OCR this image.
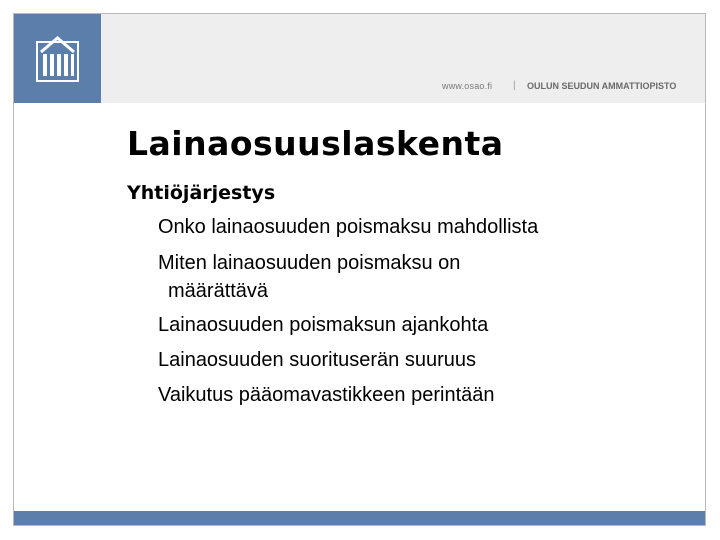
www.osao.fi | OULUN SEUDUN AMMATTIOPISTO
Lainaosuuslaskenta
Yhtiöjärjestys
Onko lainaosuuden poismaksu mahdollista
Miten lainaosuuden poismaksu on
määrättävä
Lainaosuuden poismaksun ajankohta
Lainaosuuden suorituserän suuruus
Vaikutus pääomavastikkeen perintään
